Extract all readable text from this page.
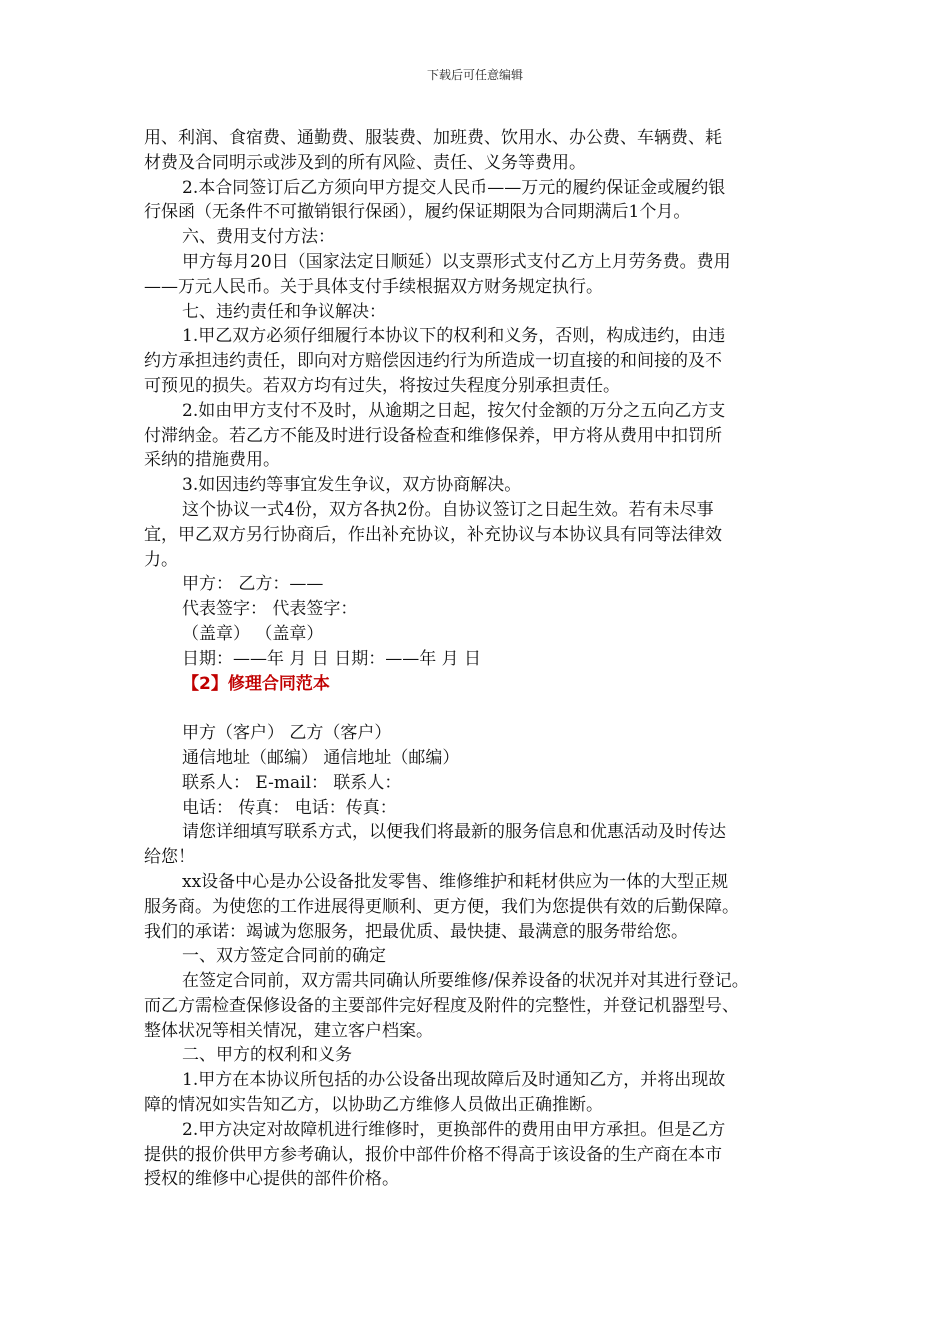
下载后可任意编辑
用、利润、食宿费、通勤费、服装费、加班费、饮用水、办公费、车辆费、耗
材费及合同明示或涉及到的所有风险、责任、义务等费用。
2.本合同签订后乙方须向甲方提交人民币——万元的履约保证金或履约银
行保函（无条件不可撤销银行保函），履约保证期限为合同期满后1个月。
六、费用支付方法：
甲方每月20日（国家法定日顺延）以支票形式支付乙方上月劳务费。费用
——万元人民币。关于具体支付手续根据双方财务规定执行。
七、违约责任和争议解决：
1.甲乙双方必须仔细履行本协议下的权利和义务，否则，构成违约，由违
约方承担违约责任，即向对方赔偿因违约行为所造成一切直接的和间接的及不
可预见的损失。若双方均有过失，将按过失程度分别承担责任。
2.如由甲方支付不及时，从逾期之日起，按欠付金额的万分之五向乙方支
付滞纳金。若乙方不能及时进行设备检查和维修保养，甲方将从费用中扣罚所
采纳的措施费用。
3.如因违约等事宜发生争议，双方协商解决。
这个协议一式4份，双方各执2份。自协议签订之日起生效。若有未尽事
宜，甲乙双方另行协商后，作出补充协议，补充协议与本协议具有同等法律效
力。
甲方： 乙方：——
代表签字： 代表签字：
（盖章） （盖章）
日期：——年 月 日 日期：——年 月 日
【2】修理合同范本
甲方（客户） 乙方（客户）
通信地址（邮编） 通信地址（邮编）
联系人： E-mail： 联系人：
电话： 传真： 电话：传真：
请您详细填写联系方式，以便我们将最新的服务信息和优惠活动及时传达
给您！
xx设备中心是办公设备批发零售、维修维护和耗材供应为一体的大型正规
服务商。为使您的工作进展得更顺利、更方便，我们为您提供有效的后勤保障。
我们的承诺：竭诚为您服务，把最优质、最快捷、最满意的服务带给您。
一、双方签定合同前的确定
在签定合同前，双方需共同确认所要维修/保养设备的状况并对其进行登记。
而乙方需检查保修设备的主要部件完好程度及附件的完整性，并登记机器型号、
整体状况等相关情况，建立客户档案。
二、甲方的权利和义务
1.甲方在本协议所包括的办公设备出现故障后及时通知乙方，并将出现故
障的情况如实告知乙方，以协助乙方维修人员做出正确推断。
2.甲方决定对故障机进行维修时，更换部件的费用由甲方承担。但是乙方
提供的报价供甲方参考确认，报价中部件价格不得高于该设备的生产商在本市
授权的维修中心提供的部件价格。
